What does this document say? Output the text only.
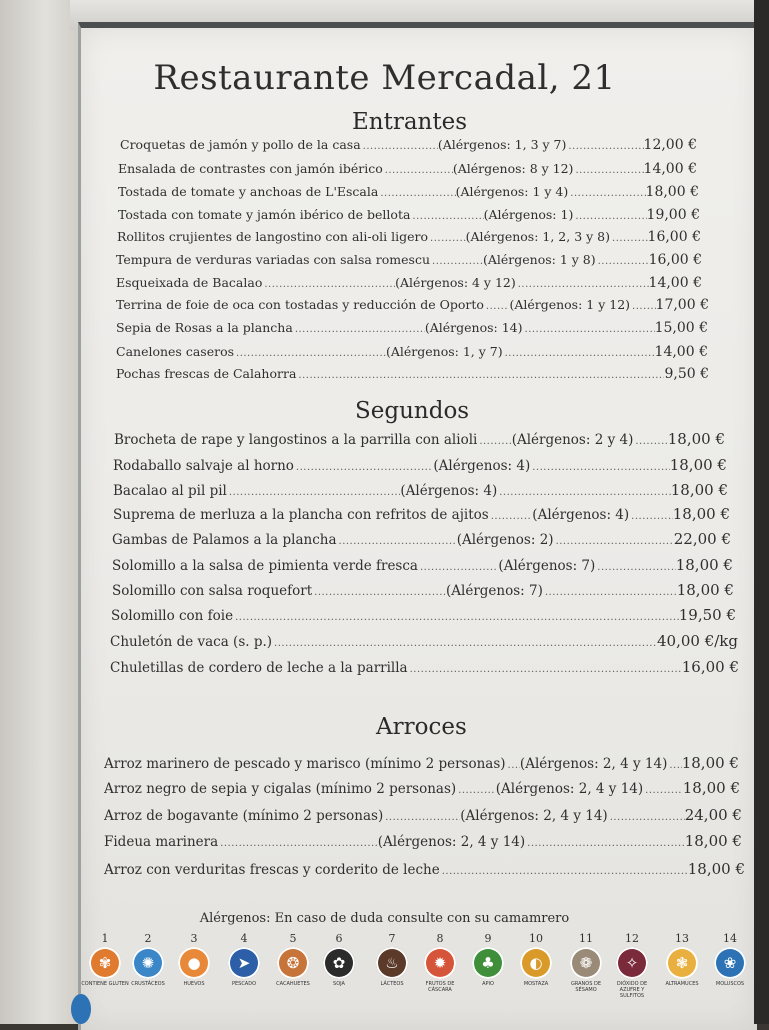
Restaurante Mercadal, 21
Entrantes
Croquetas de jamón y pollo de la casa .....	(Alérgenos: 1, 3 y 7) .....	12,00 €
Ensalada de contrastes con jamón ibérico .....	(Alérgenos: 8 y 12) .....	14,00 €
Tostada de tomate y anchoas de L'Escala .....	(Alérgenos: 1 y 4) .....	18,00 €
Tostada con tomate y jamón ibérico de bellota .....	(Alérgenos: 1) .....	19,00 €
Rollitos crujientes de langostino con ali-oli ligero .....	(Alérgenos: 1, 2, 3 y 8) .....	16,00 €
Tempura de verduras variadas con salsa romescu .....	(Alérgenos: 1 y 8) .....	16,00 €
Esqueixada de Bacalao .....	(Alérgenos: 4 y 12) .....	14,00 €
Terrina de foie de oca con tostadas y reducción de Oporto ..... (Alérgenos: 1 y 12) ..... 17,00 €
Sepia de Rosas a la plancha .....	(Alérgenos: 14) .....	15,00 €
Canelones caseros .....	(Alérgenos: 1, y 7) .....	14,00 €
Pochas frescas de Calahorra .....	9,50 €
Segundos
Brocheta de rape y langostinos a la parrilla con alioli .....	(Alérgenos: 2 y 4) ..... 18,00 €
Rodaballo salvaje al horno .....	(Alérgenos: 4) .....	18,00 €
Bacalao al pil pil .....	(Alérgenos: 4) .....	18,00 €
Suprema de merluza a la plancha con refritos de ajitos .....	(Alérgenos: 4) .....	18,00 €
Gambas de Palamos a la plancha .....	(Alérgenos: 2) .....	22,00 €
Solomillo a la salsa de pimienta verde fresca .....	(Alérgenos: 7) .....	18,00 €
Solomillo con salsa roquefort .....	(Alérgenos: 7) .....	18,00 €
Solomillo con foie .....	19,50 €
Chuletón de vaca (s. p.) .....	40,00 €/kg
Chuletillas de cordero de leche a la parrilla .....	16,00 €
Arroces
Arroz marinero de pescado y marisco (mínimo 2 personas) ..... (Alérgenos: 2, 4 y 14) ..... 18,00 €
Arroz negro de sepia y cigalas (mínimo 2 personas) .....	(Alérgenos: 2, 4 y 14) .....	18,00 €
Arroz de bogavante (mínimo 2 personas) .....	(Alérgenos: 2, 4 y 14) .....	24,00 €
Fideua marinera .....	(Alérgenos: 2, 4 y 14) .....	18,00 €
Arroz con verduritas frescas y corderito de leche .....	18,00 €
Alérgenos: En caso de duda consulte con su camamrero
1
✾
CONTIENE GLUTEN
2
✺
CRUSTÁCEOS
3
●
HUEVOS
4
➤
PESCADO
5
❂
CACAHUETES
6
✿
SOJA
7
♨
LÁCTEOS
8
✹
FRUTOS DE CÁSCARA
9
♣
APIO
10
◐
MOSTAZA
11
❁
GRANOS DE SÉSAMO
12
✧
DIÓXIDO DE AZUFRE Y SULFITOS
13
❃
ALTRAMUCES
14
❀
MOLUSCOS
